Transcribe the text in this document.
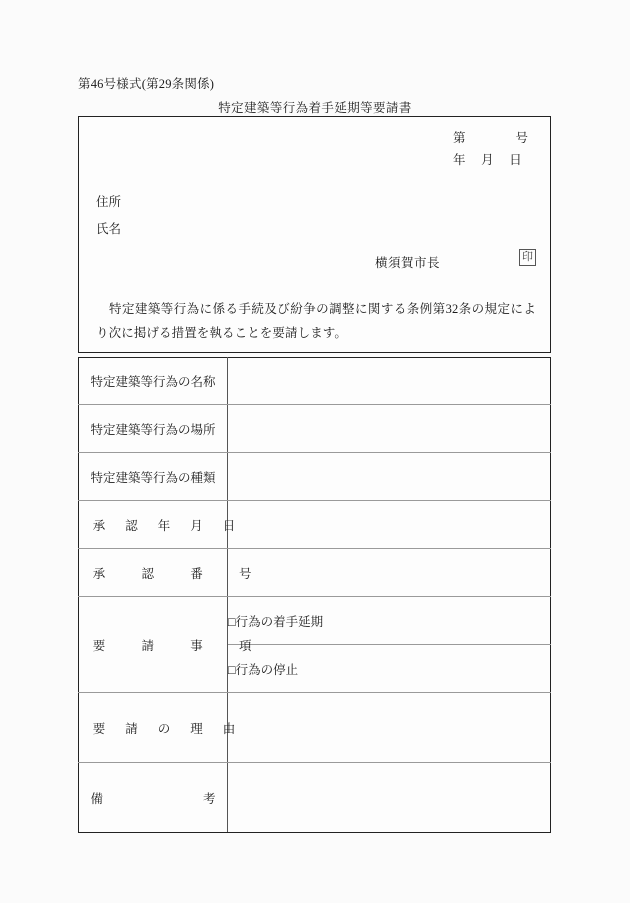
第46号様式(第29条関係)
特定建築等行為着手延期等要請書
第　　　　号
年　 月　 日
住所
氏名
横須賀市長	印
特定建築等行為に係る手続及び紛争の調整に関する条例第32条の規定により次に掲げる措置を執ることを要請します。
特定建築等行為の名称	

特定建築等行為の場所	

特定建築等行為の種類	

承　認　年　月　日	

承　　認　　番　　号	

要　　請　　事　　項	□行為の着手延期
	□行為の停止

要　請　の　理　由	

備　　　　　　　　考	
